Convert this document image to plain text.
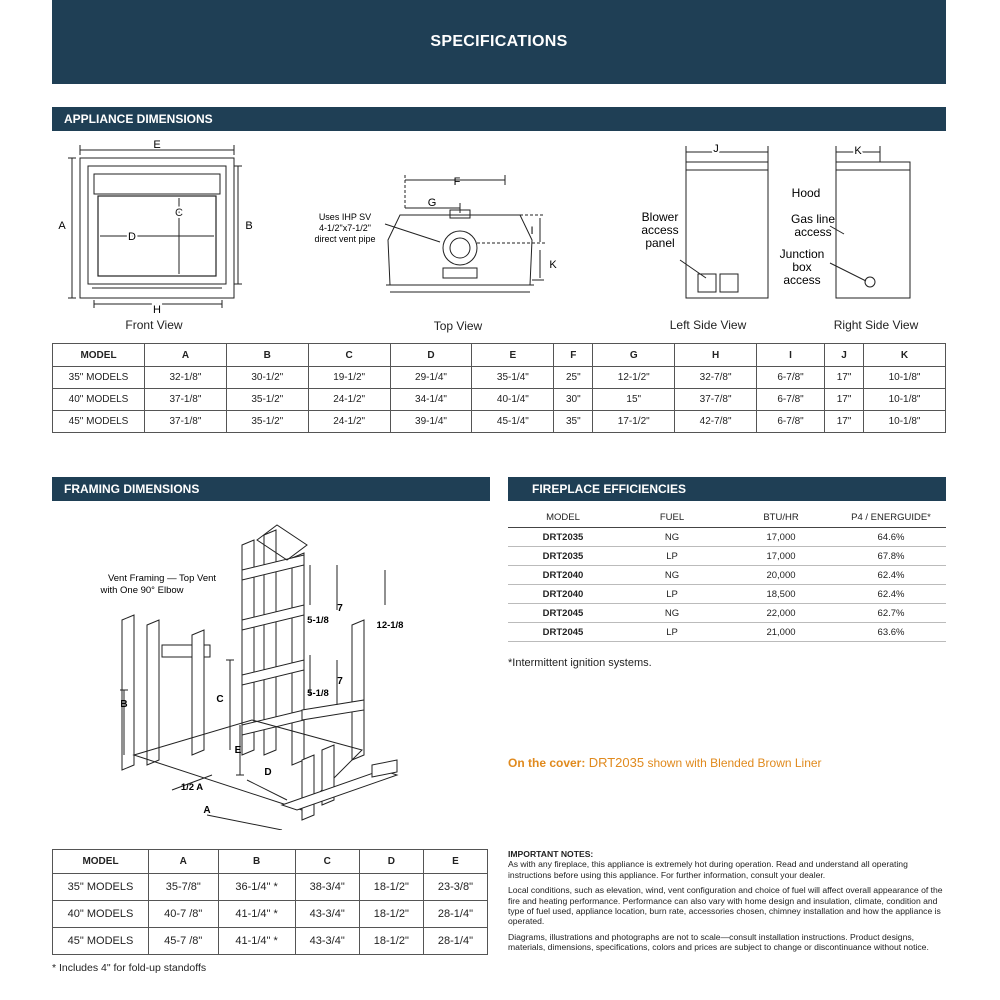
SPECIFICATIONS
APPLIANCE DIMENSIONS
E
A	B
C
D
H
Front View
F
G
I
K
Uses IHP SV
4-1/2"x7-1/2"
direct vent pipe
Top View
J
Blower
access
panel
Left Side View
K
Hood
Gas line
access
Junction
box
access
Right Side View
MODEL	A	B	C	D	E	F	G	H	I	J	K
35" MODELS	32-1/8"	30-1/2"	19-1/2"	29-1/4"	35-1/4"	25"	12-1/2"	32-7/8"	6-7/8"	17"	10-1/8"
40" MODELS	37-1/8"	35-1/2"	24-1/2"	34-1/4"	40-1/4"	30"	15"	37-7/8"	6-7/8"	17"	10-1/8"
45" MODELS	37-1/8"	35-1/2"	24-1/2"	39-1/4"	45-1/4"	35"	17-1/2"	42-7/8"	6-7/8"	17"	10-1/8"
FRAMING DIMENSIONS
Vent Framing — Top Vent
with One 90° Elbow
7
5-1/8	12-1/8
7
5-1/8
B	C
E
D
1/2 A
A
MODEL	A	B	C	D	E
35" MODELS	35-7/8"	36-1/4" *	38-3/4"	18-1/2"	23-3/8"
40" MODELS	40-7 /8"	41-1/4" *	43-3/4"	18-1/2"	28-1/4"
45" MODELS	45-7 /8"	41-1/4" *	43-3/4"	18-1/2"	28-1/4"
* Includes 4" for fold-up standoffs
FIREPLACE EFFICIENCIES
MODEL	FUEL	BTU/HR	P4 / ENERGUIDE*
DRT2035	NG	17,000	64.6%
DRT2035	LP	17,000	67.8%
DRT2040	NG	20,000	62.4%
DRT2040	LP	18,500	62.4%
DRT2045	NG	22,000	62.7%
DRT2045	LP	21,000	63.6%
*Intermittent ignition systems.
On the cover: DRT2035 shown with Blended Brown Liner
IMPORTANT NOTES:
As with any fireplace, this appliance is extremely hot during operation. Read and understand all operating instructions before using this appliance. For further information, consult your dealer.
Local conditions, such as elevation, wind, vent configuration and choice of fuel will affect overall appearance of the fire and heating performance. Performance can also vary with home design and insulation, climate, condition and type of fuel used, appliance location, burn rate, accessories chosen, chimney installation and how the appliance is operated.
Diagrams, illustrations and photographs are not to scale—consult installation instructions. Product designs, materials, dimensions, specifications, colors and prices are subject to change or discontinuance without notice.
